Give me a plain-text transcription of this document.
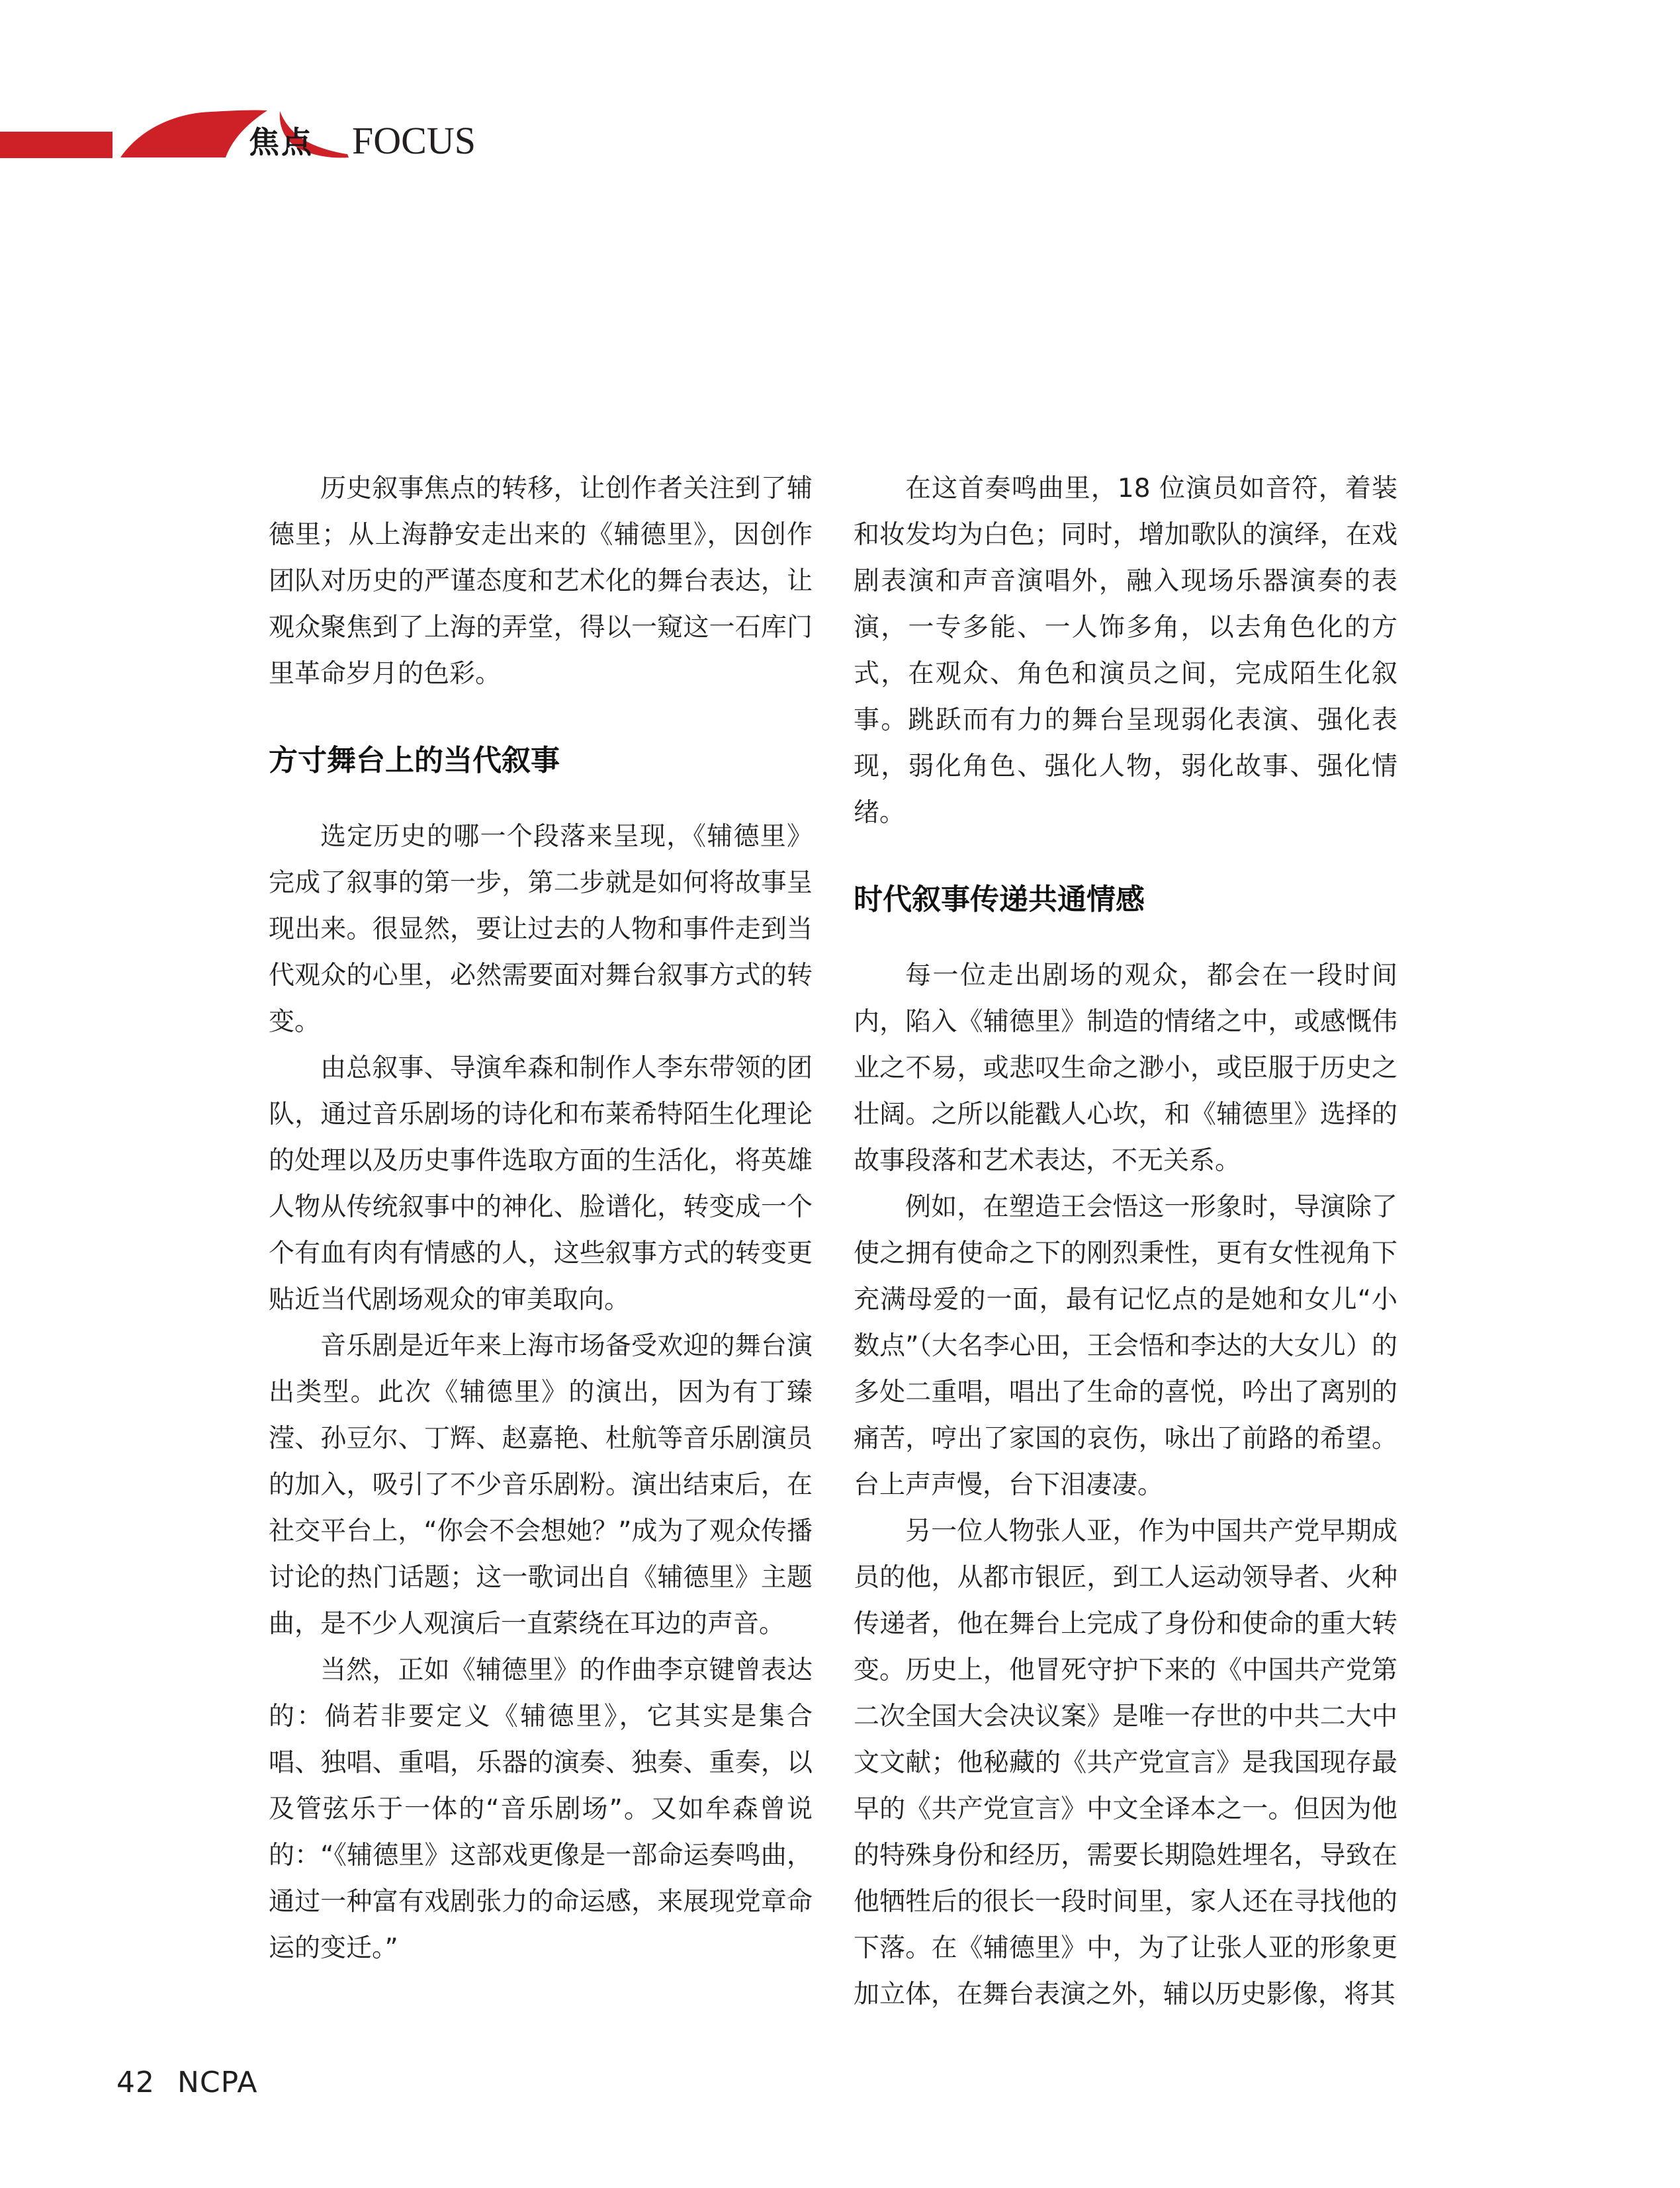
焦点 FOCUS

历史叙事焦点的转移，让创作者关注到了辅德里；从上海静安走出来的《辅德里》，因创作团队对历史的严谨态度和艺术化的舞台表达，让观众聚焦到了上海的弄堂，得以一窥这一石库门里革命岁月的色彩。

方寸舞台上的当代叙事

选定历史的哪一个段落来呈现，《辅德里》完成了叙事的第一步，第二步就是如何将故事呈现出来。很显然，要让过去的人物和事件走到当代观众的心里，必然需要面对舞台叙事方式的转变。

由总叙事、导演牟森和制作人李东带领的团队，通过音乐剧场的诗化和布莱希特陌生化理论的处理以及历史事件选取方面的生活化，将英雄人物从传统叙事中的神化、脸谱化，转变成一个个有血有肉有情感的人，这些叙事方式的转变更贴近当代剧场观众的审美取向。

音乐剧是近年来上海市场备受欢迎的舞台演出类型。此次《辅德里》的演出，因为有丁臻滢、孙豆尔、丁辉、赵嘉艳、杜航等音乐剧演员的加入，吸引了不少音乐剧粉。演出结束后，在社交平台上，“你会不会想她？”成为了观众传播讨论的热门话题；这一歌词出自《辅德里》主题曲，是不少人观演后一直萦绕在耳边的声音。

当然，正如《辅德里》的作曲李京键曾表达的：倘若非要定义《辅德里》，它其实是集合唱、独唱、重唱，乐器的演奏、独奏、重奏，以及管弦乐于一体的“音乐剧场”。又如牟森曾说的：“《辅德里》这部戏更像是一部命运奏鸣曲，通过一种富有戏剧张力的命运感，来展现党章命运的变迁。”

在这首奏鸣曲里，18 位演员如音符，着装和妆发均为白色；同时，增加歌队的演绎，在戏剧表演和声音演唱外，融入现场乐器演奏的表演，一专多能、一人饰多角，以去角色化的方式，在观众、角色和演员之间，完成陌生化叙事。跳跃而有力的舞台呈现弱化表演、强化表现，弱化角色、强化人物，弱化故事、强化情绪。

时代叙事传递共通情感

每一位走出剧场的观众，都会在一段时间内，陷入《辅德里》制造的情绪之中，或感慨伟业之不易，或悲叹生命之渺小，或臣服于历史之壮阔。之所以能戳人心坎，和《辅德里》选择的故事段落和艺术表达，不无关系。

例如，在塑造王会悟这一形象时，导演除了使之拥有使命之下的刚烈秉性，更有女性视角下充满母爱的一面，最有记忆点的是她和女儿“小数点”（大名李心田，王会悟和李达的大女儿）的多处二重唱，唱出了生命的喜悦，吟出了离别的痛苦，哼出了家国的哀伤，咏出了前路的希望。台上声声慢，台下泪凄凄。

另一位人物张人亚，作为中国共产党早期成员的他，从都市银匠，到工人运动领导者、火种传递者，他在舞台上完成了身份和使命的重大转变。历史上，他冒死守护下来的《中国共产党第二次全国大会决议案》是唯一存世的中共二大中文文献；他秘藏的《共产党宣言》是我国现存最早的《共产党宣言》中文全译本之一。但因为他的特殊身份和经历，需要长期隐姓埋名，导致在他牺牲后的很长一段时间里，家人还在寻找他的下落。在《辅德里》中，为了让张人亚的形象更加立体，在舞台表演之外，辅以历史影像，将其

42 NCPA
